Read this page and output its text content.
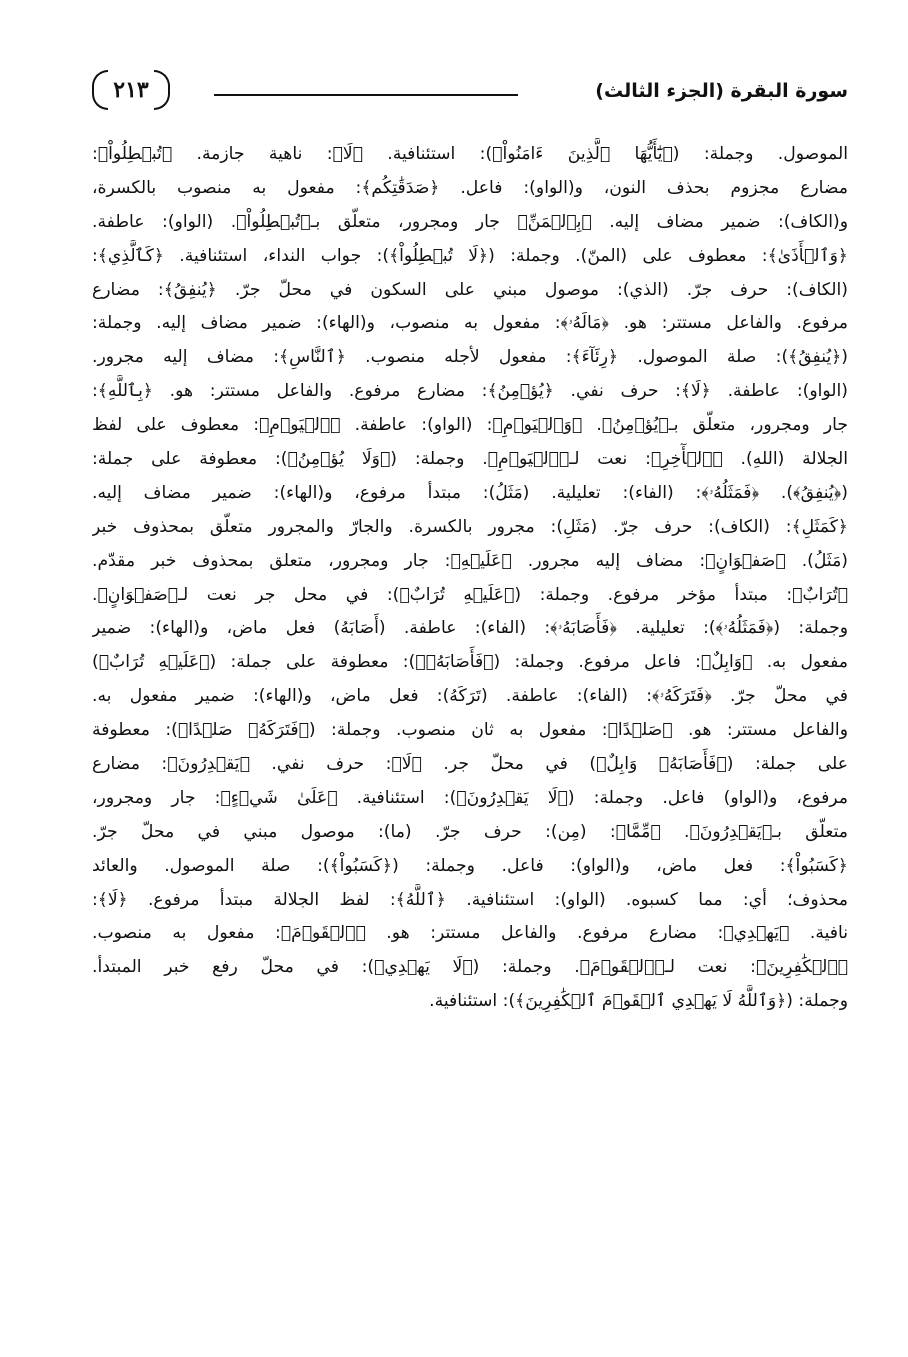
٢١٣	سورة البقرة (الجزء الثالث)
الموصول. وجملة: (﴿يَٰٓأَيُّهَا ٱلَّذِينَ ءَامَنُواْ﴾): استئنافية. ﴿لَا﴾: ناهية جازمة. ﴿تُبۡطِلُواْ﴾:
مضارع مجزوم بحذف النون، و(الواو): فاعل. ﴿صَدَقَٰتِكُم﴾: مفعول به منصوب بالكسرة،
و(الكاف): ضمير مضاف إليه. ﴿بِٱلۡمَنِّ﴾ جار ومجرور، متعلّق بـ﴿تُبۡطِلُواْ﴾. (الواو): عاطفة.
﴿وَٱلۡأَذَىٰ﴾: معطوف على (المنّ). وجملة: (﴿لَا تُبۡطِلُواْ﴾): جواب النداء، استئنافية. ﴿كَٱلَّذِي﴾:
(الكاف): حرف جرّ. (الذي): موصول مبني على السكون في محلّ جرّ. ﴿يُنفِقُ﴾: مضارع
مرفوع. والفاعل مستتر: هو. ﴿مَالَهُۥ﴾: مفعول به منصوب، و(الهاء): ضمير مضاف إليه. وجملة:
(﴿يُنفِقُ﴾): صلة الموصول. ﴿رِئَآءَ﴾: مفعول لأجله منصوب. ﴿ٱلنَّاسِ﴾: مضاف إليه مجرور.
(الواو): عاطفة. ﴿لَا﴾: حرف نفي. ﴿يُؤۡمِنُ﴾: مضارع مرفوع. والفاعل مستتر: هو. ﴿بِٱللَّهِ﴾:
جار ومجرور، متعلّق بـ﴿يُؤۡمِنُ﴾. ﴿وَٱلۡيَوۡمِ﴾: (الواو): عاطفة. ﴿ٱلۡيَوۡمِ﴾: معطوف على لفظ
الجلالة (اللهِ). ﴿ٱلۡأٓخِرِ﴾: نعت لـ﴿ٱلۡيَوۡمِ﴾. وجملة: (﴿وَلَا يُؤۡمِنُ﴾): معطوفة على جملة:
(﴿يُنفِقُ﴾). ﴿فَمَثَلُهُۥ﴾: (الفاء): تعليلية. (مَثَلُ): مبتدأ مرفوع، و(الهاء): ضمير مضاف إليه.
﴿كَمَثَلِ﴾: (الكاف): حرف جرّ. (مَثَلِ): مجرور بالكسرة. والجارّ والمجرور متعلّق بمحذوف خبر
(مَثَلُ). ﴿صَفۡوَانٍ﴾: مضاف إليه مجرور. ﴿عَلَيۡهِ﴾: جار ومجرور، متعلق بمحذوف خبر مقدّم.
﴿تُرَابٌ﴾: مبتدأ مؤخر مرفوع. وجملة: (﴿عَلَيۡهِ تُرَابٌ﴾): في محل جر نعت لـ﴿صَفۡوَانٍ﴾.
وجملة: (﴿فَمَثَلُهُۥ﴾): تعليلية. ﴿فَأَصَابَهُۥ﴾: (الفاء): عاطفة. (أَصَابَهُ) فعل ماض، و(الهاء): ضمير
مفعول به. ﴿وَابِلٌ﴾: فاعل مرفوع. وجملة: (﴿فَأَصَابَهُۥ﴾): معطوفة على جملة: (﴿عَلَيۡهِ تُرَابٌ﴾)
في محلّ جرّ. ﴿فَتَرَكَهُۥ﴾: (الفاء): عاطفة. (تَرَكَهُ): فعل ماض، و(الهاء): ضمير مفعول به.
والفاعل مستتر: هو. ﴿صَلۡدًا﴾: مفعول به ثان منصوب. وجملة: (﴿فَتَرَكَهُۥ صَلۡدًا﴾): معطوفة
على جملة: (﴿فَأَصَابَهُۥ وَابِلٌ﴾) في محلّ جر. ﴿لَا﴾: حرف نفي. ﴿يَقۡدِرُونَ﴾: مضارع
مرفوع، و(الواو) فاعل. وجملة: (﴿لَا يَقۡدِرُونَ﴾): استئنافية. ﴿عَلَىٰ شَيۡءٍ﴾: جار ومجرور،
متعلّق بـ﴿يَقۡدِرُونَ﴾. ﴿مِّمَّا﴾: (مِن): حرف جرّ. (ما): موصول مبني في محلّ جرّ.
﴿كَسَبُواْ﴾: فعل ماض، و(الواو): فاعل. وجملة: (﴿كَسَبُواْ﴾): صلة الموصول. والعائد
محذوف؛ أي: مما كسبوه. (الواو): استئنافية. ﴿ٱللَّهُ﴾: لفظ الجلالة مبتدأ مرفوع. ﴿لَا﴾:
نافية. ﴿يَهۡدِي﴾: مضارع مرفوع. والفاعل مستتر: هو. ﴿ٱلۡقَوۡمَ﴾: مفعول به منصوب.
﴿ٱلۡكَٰفِرِينَ﴾: نعت لـ﴿ٱلۡقَوۡمَ﴾. وجملة: (﴿لَا يَهۡدِي﴾): في محلّ رفع خبر المبتدأ.
وجملة: (﴿وَٱللَّهُ لَا يَهۡدِي ٱلۡقَوۡمَ ٱلۡكَٰفِرِينَ﴾): استئنافية.
